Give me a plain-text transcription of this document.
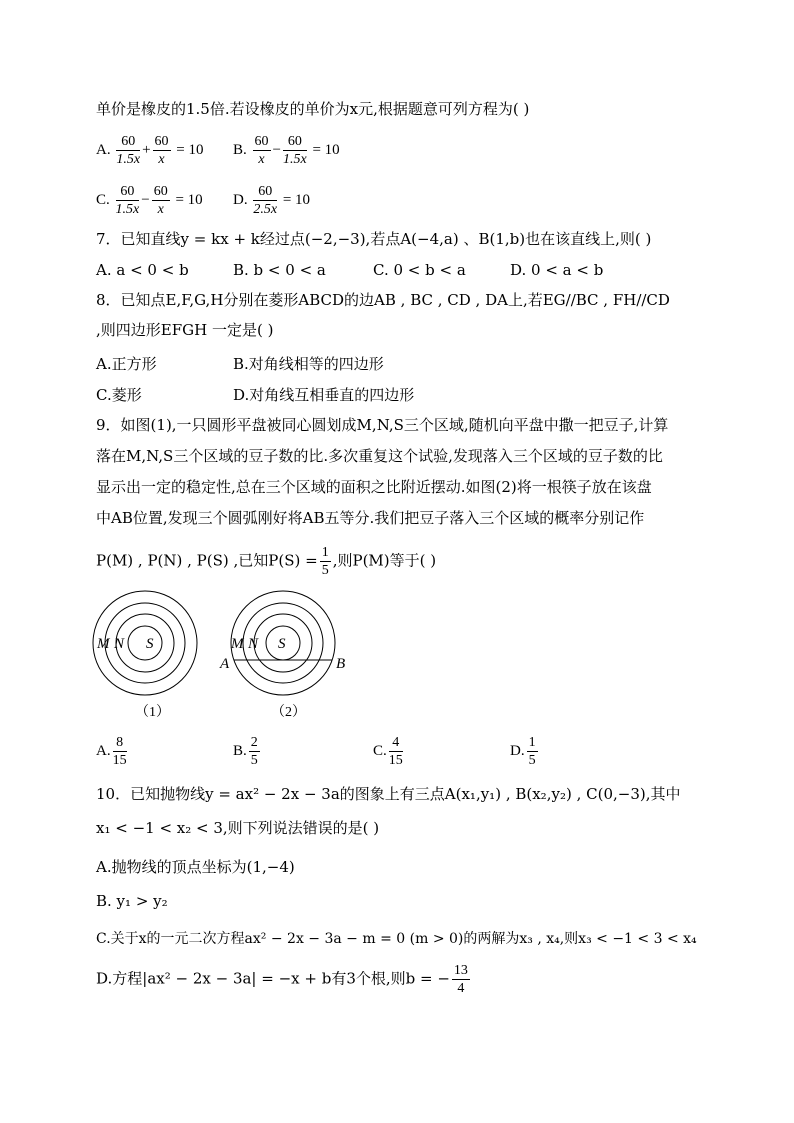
单价是橡皮的1.5倍.若设橡皮的单价为x元,根据题意可列方程为( )
A. $\frac{60}{1.5x} + \frac{60}{x} = 10$ B. $\frac{60}{x} - \frac{60}{1.5x} = 10$
C. $\frac{60}{1.5x} - \frac{60}{x} = 10$ D. $\frac{60}{2.5x} = 10$
7．已知直线y = kx + k经过点(−2,−3),若点A(−4,a) 、B(1,b)也在该直线上,则( )
A. a < 0 < b	B. b < 0 < a	C. 0 < b < a	D. 0 < a < b
8．已知点E,F,G,H分别在菱形ABCD的边AB , BC , CD , DA上,若EG//BC , FH//CD
,则四边形EFGH 一定是( )
A.正方形	B.对角线相等的四边形
C.菱形	D.对角线互相垂直的四边形
9．如图(1),一只圆形平盘被同心圆划成M,N,S三个区域,随机向平盘中撒一把豆子,计算
落在M,N,S三个区域的豆子数的比.多次重复这个试验,发现落入三个区域的豆子数的比
显示出一定的稳定性,总在三个区域的面积之比附近摆动.如图(2)将一根筷子放在该盘
中AB位置,发现三个圆弧刚好将AB五等分.我们把豆子落入三个区域的概率分别记作
P(M) , P(N) , P(S) ,已知$P(S) = \frac{1}{5}$ ,则P(M)等于( )
M N S
（1）
M N S
A	B
（2）
A. $\frac{8}{15}$	B. $\frac{2}{5}$	C. $\frac{4}{15}$	D. $\frac{1}{5}$
10．已知抛物线y = ax² − 2x − 3a的图象上有三点A(x₁,y₁) , B(x₂,y₂) , C(0,−3),其中
x₁ < −1 < x₂ < 3,则下列说法错误的是( )
A.抛物线的顶点坐标为(1,−4)
B. y₁ > y₂
C.关于x的一元二次方程ax² − 2x − 3a − m = 0 (m > 0)的两解为x₃ , x₄,则x₃ < −1 < 3 < x₄
D.方程|ax² − 2x − 3a| = −x + b有3个根,则b = − $\frac{13}{4}$
